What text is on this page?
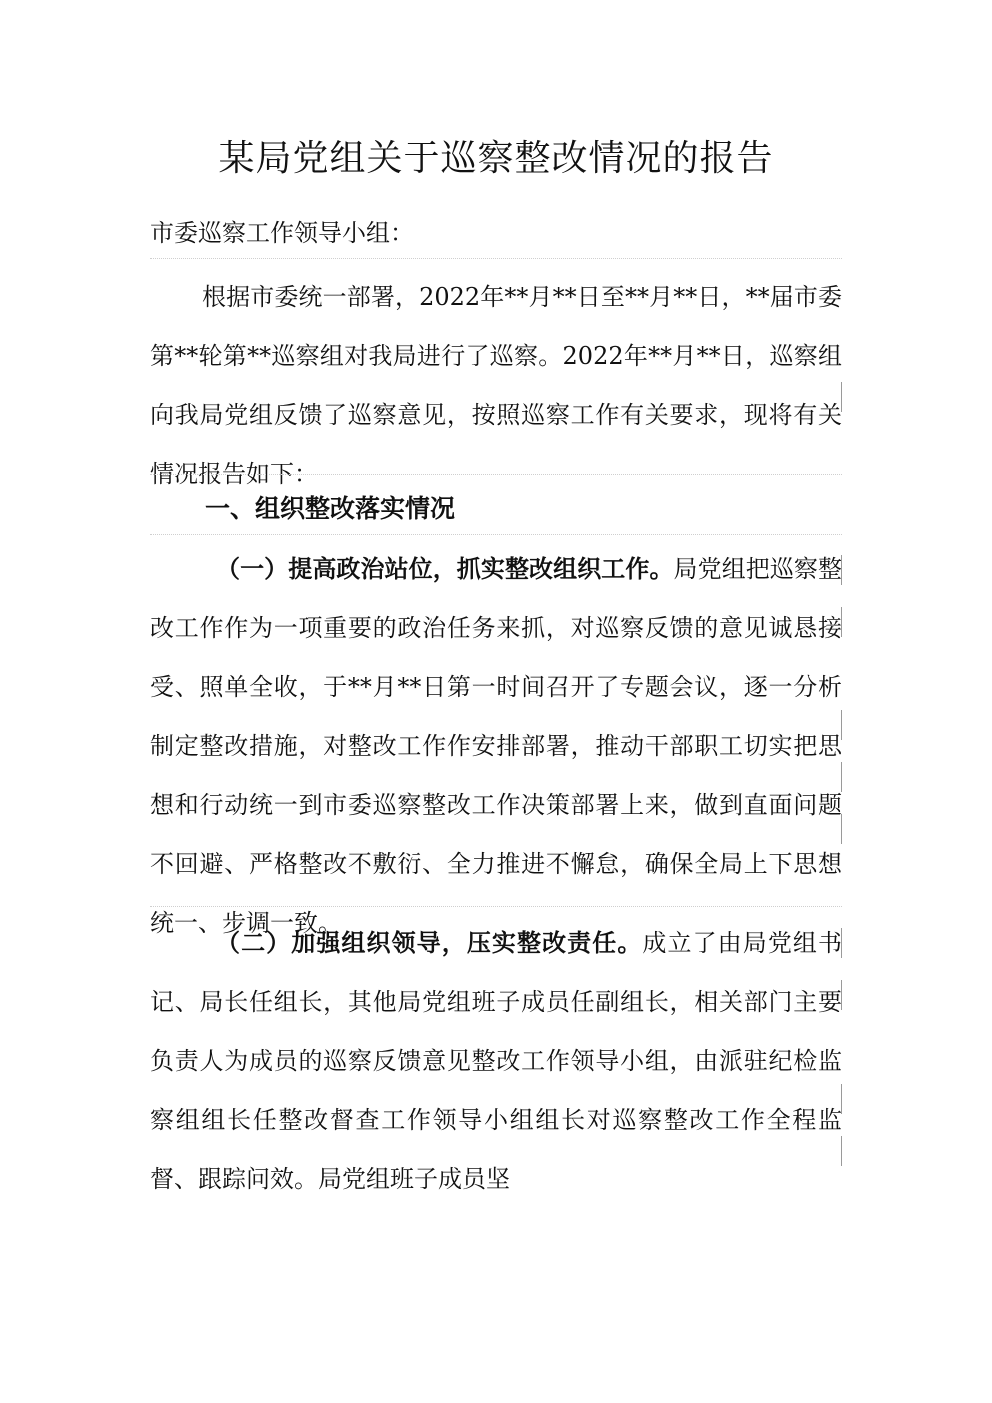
某局党组关于巡察整改情况的报告
市委巡察工作领导小组：
根据市委统一部署，2022年**月**日至**月**日，**届市委第**轮第**巡察组对我局进行了巡察。2022年**月**日，巡察组向我局党组反馈了巡察意见，按照巡察工作有关要求，现将有关情况报告如下：
一、组织整改落实情况
（一）提高政治站位，抓实整改组织工作。局党组把巡察整改工作作为一项重要的政治任务来抓，对巡察反馈的意见诚恳接受、照单全收，于**月**日第一时间召开了专题会议，逐一分析制定整改措施，对整改工作作安排部署，推动干部职工切实把思想和行动统一到市委巡察整改工作决策部署上来，做到直面问题不回避、严格整改不敷衍、全力推进不懈怠，确保全局上下思想统一、步调一致。
（二）加强组织领导，压实整改责任。成立了由局党组书记、局长任组长，其他局党组班子成员任副组长，相关部门主要负责人为成员的巡察反馈意见整改工作领导小组，由派驻纪检监察组组长任整改督查工作领导小组组长对巡察整改工作全程监督、跟踪问效。局党组班子成员坚
